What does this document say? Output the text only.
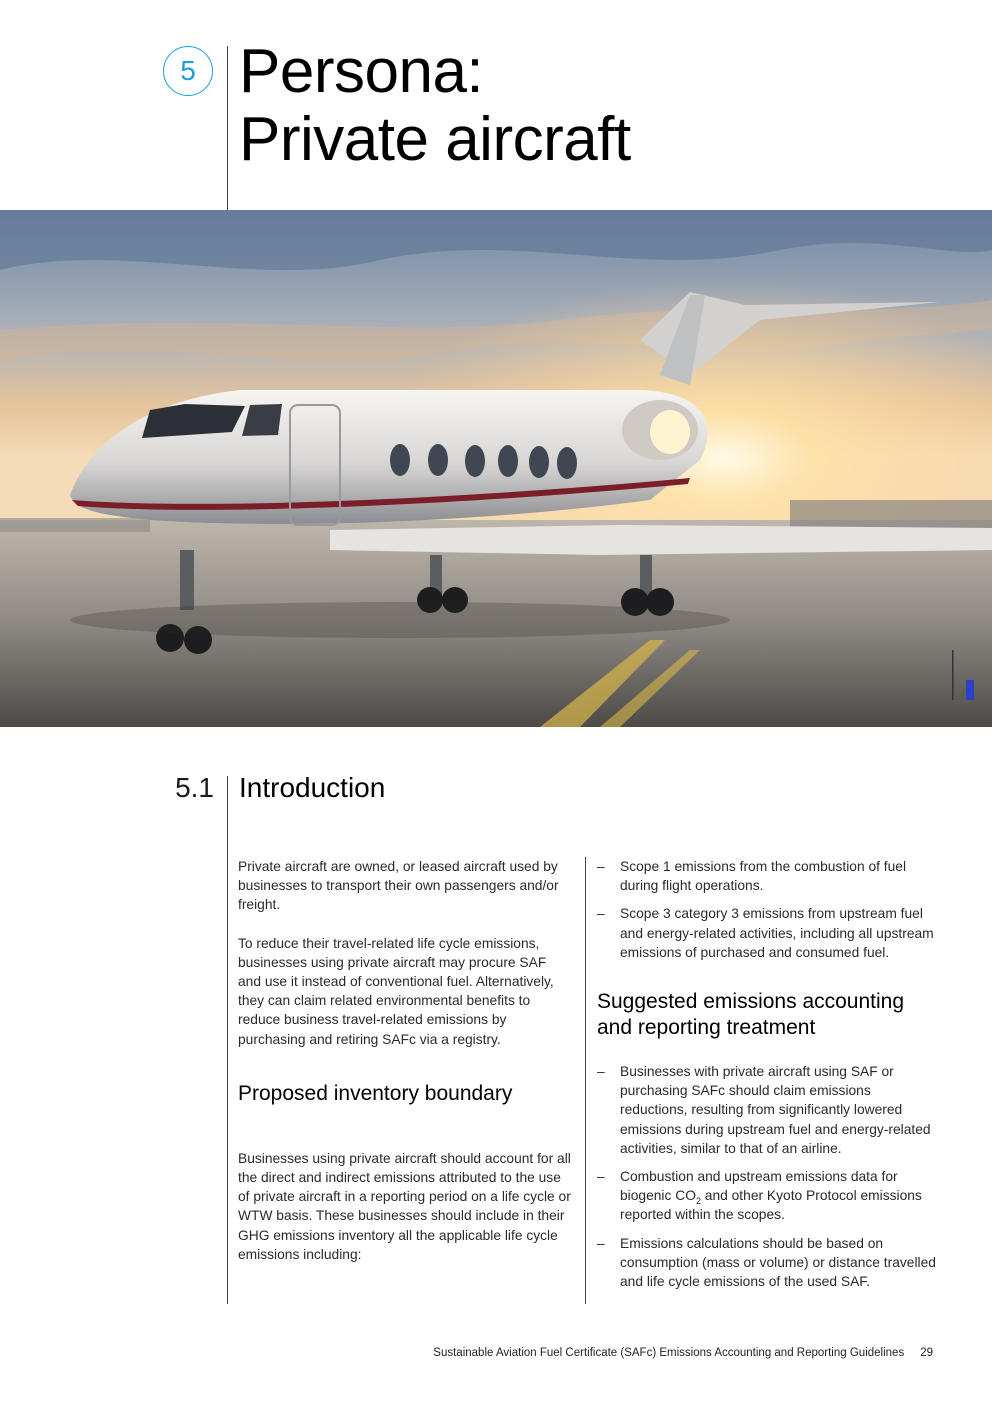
5 Persona:
Private aircraft
5.1 Introduction

Private aircraft are owned, or leased aircraft used by businesses to transport their own passengers and/or freight.

To reduce their travel-related life cycle emissions, businesses using private aircraft may procure SAF and use it instead of conventional fuel. Alternatively, they can claim related environmental benefits to reduce business travel-related emissions by purchasing and retiring SAFc via a registry.

Proposed inventory boundary

Businesses using private aircraft should account for all the direct and indirect emissions attributed to the use of private aircraft in a reporting period on a life cycle or WTW basis. These businesses should include in their GHG emissions inventory all the applicable life cycle emissions including:

– Scope 1 emissions from the combustion of fuel during flight operations.
– Scope 3 category 3 emissions from upstream fuel and energy-related activities, including all upstream emissions of purchased and consumed fuel.
Suggested emissions accounting and reporting treatment
– Businesses with private aircraft using SAF or purchasing SAFc should claim emissions reductions, resulting from significantly lowered emissions during upstream fuel and energy-related activities, similar to that of an airline.
– Combustion and upstream emissions data for biogenic $CO_2$ and other Kyoto Protocol emissions reported within the scopes.
– Emissions calculations should be based on consumption (mass or volume) or distance travelled and life cycle emissions of the used SAF.
Sustainable Aviation Fuel Certificate (SAFc) Emissions Accounting and Reporting Guidelines 29
